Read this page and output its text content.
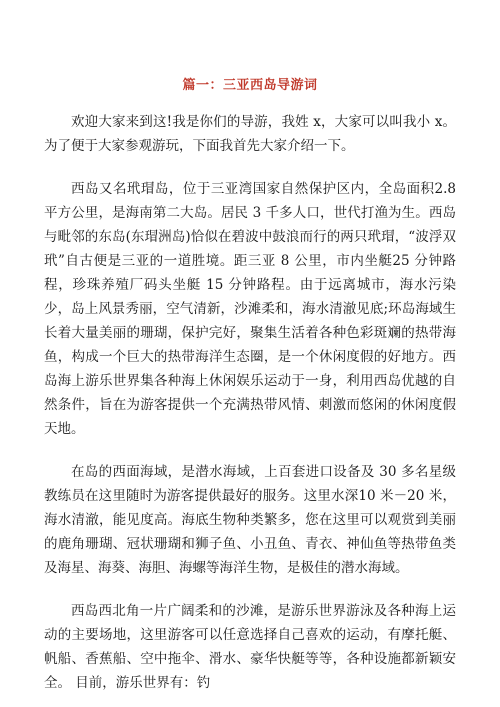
篇一：三亚西岛导游词

欢迎大家来到这!我是你们的导游，我姓 x，大家可以叫我小 x。为了便于大家参观游玩，下面我首先大家介绍一下。

西岛又名玳瑁岛，位于三亚湾国家自然保护区内，全岛面积2.8 平方公里，是海南第二大岛。居民 3 千多人口，世代打渔为生。西岛与毗邻的东岛(东瑁洲岛)恰似在碧波中鼓浪而行的两只玳瑁，“波浮双玳”自古便是三亚的一道胜境。距三亚 8 公里，市内坐艇25 分钟路程，珍珠养殖厂码头坐艇 15 分钟路程。由于远离城市，海水污染少，岛上风景秀丽，空气清新，沙滩柔和，海水清澈见底;环岛海域生长着大量美丽的珊瑚，保护完好，聚集生活着各种色彩斑斓的热带海鱼，构成一个巨大的热带海洋生态圈，是一个休闲度假的好地方。西岛海上游乐世界集各种海上休闲娱乐运动于一身，利用西岛优越的自然条件，旨在为游客提供一个充满热带风情、刺激而悠闲的休闲度假天地。

在岛的西面海域，是潜水海域，上百套进口设备及 30 多名星级教练员在这里随时为游客提供最好的服务。这里水深10 米－20 米，海水清澈，能见度高。海底生物种类繁多，您在这里可以观赏到美丽的鹿角珊瑚、冠状珊瑚和狮子鱼、小丑鱼、青衣、神仙鱼等热带鱼类及海星、海葵、海胆、海螺等海洋生物，是极佳的潜水海域。

西岛西北角一片广阔柔和的沙滩，是游乐世界游泳及各种海上运动的主要场地，这里游客可以任意选择自己喜欢的运动，有摩托艇、帆船、香蕉船、空中拖伞、滑水、豪华快艇等等，各种设施都新颖安全。 目前，游乐世界有：钓
